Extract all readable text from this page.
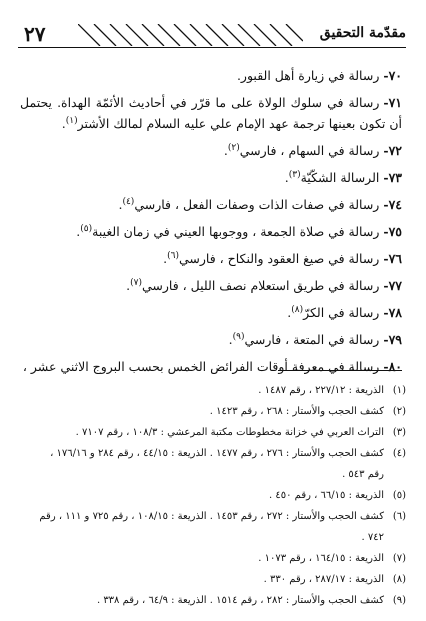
مقدّمة التحقيق
٢٧
٧٠-رسالة في زيارة أهل القبور.
٧١-رسالة في سلوك الولاة على ما قرّر في أحاديث الأئمّة الهداة. يحتمل أن تكون بعينها ترجمة عهد الإمام علي عليه السلام لمالك الأشتر$^{(١)}$.
٧٢-رسالة في السهام ، فارسي$^{(٢)}$.
٧٣-الرسالة الشكّيّة$^{(٣)}$.
٧٤-رسالة في صفات الذات وصفات الفعل ، فارسي$^{(٤)}$.
٧٥-رسالة في صلاة الجمعة ، ووجوبها العيني في زمان الغيبة$^{(٥)}$.
٧٦-رسالة في صيغ العقود والنكاح ، فارسي$^{(٦)}$.
٧٧-رسالة في طريق استعلام نصف الليل ، فارسي$^{(٧)}$.
٧٨-رسالة في الكرّ$^{(٨)}$.
٧٩-رسالة في المتعة ، فارسي$^{(٩)}$.
٨٠-رسالة في معرفة أوقات الفرائض الخمس بحسب البروج الاثني عشر ،
(١)الذريعة : ٢٢٧/١٢ ، رقم ١٤٨٧ .
(٢)كشف الحجب والأستار : ٢٦٨ ، رقم ١٤٢٣ .
(٣)التراث العربي في خزانة مخطوطات مكتبة المرعشي : ١٠٨/٣ ، رقم ٧١٠٧ .
(٤)كشف الحجب والأستار : ٢٧٦ ، رقم ١٤٧٧ . الذريعة : ٤٤/١٥ ، رقم ٢٨٤ و ١٧٦/١٦ ،
رقم ٥٤٣ .
(٥)الذريعة : ٦٦/١٥ ، رقم ٤٥٠ .
(٦)كشف الحجب والأستار : ٢٧٢ ، رقم ١٤٥٣ . الذريعة : ١٠٨/١٥ ، رقم ٧٢٥ و ١١١ ، رقم
٧٤٢ .
(٧)الذريعة : ١٦٤/١٥ ، رقم ١٠٧٣ .
(٨)الذريعة : ٢٨٧/١٧ ، رقم ٣٣٠ .
(٩)كشف الحجب والأستار : ٢٨٢ ، رقم ١٥١٤ . الذريعة : ٦٤/٩ ، رقم ٣٣٨ .
